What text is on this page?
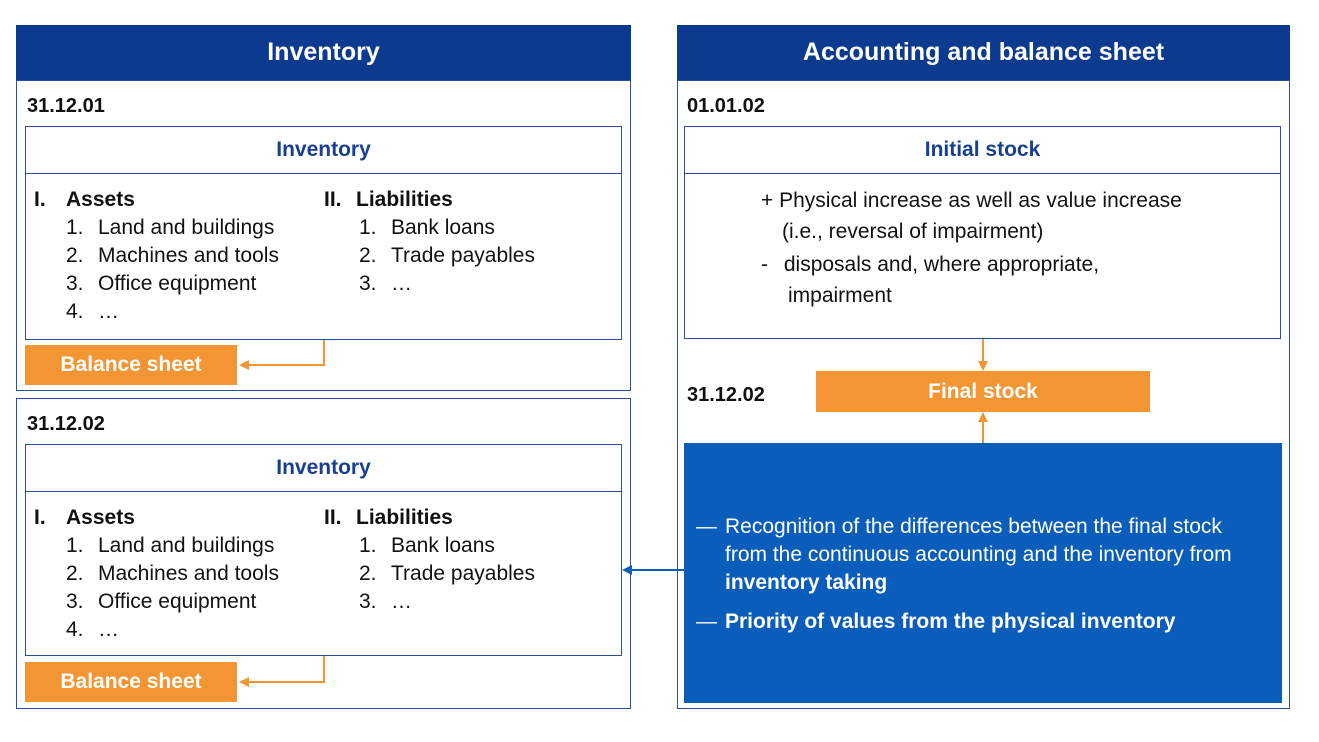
Inventory
31.12.01
Inventory
I. Assets
1. Land and buildings
2. Machines and tools
3. Office equipment
4. …
II. Liabilities
1. Bank loans
2. Trade payables
3. …
Balance sheet
31.12.02
Inventory
I. Assets
1. Land and buildings
2. Machines and tools
3. Office equipment
4. …
II. Liabilities
1. Bank loans
2. Trade payables
3. …
Balance sheet
Accounting and balance sheet
01.01.02
31.12.02
Initial stock
+ Physical increase as well as value increase
(i.e., reversal of impairment)
- disposals and, where appropriate,
impairment
Final stock
— Recognition of the differences between the final stock from the continuous accounting and the inventory from inventory taking
— Priority of values from the physical inventory
